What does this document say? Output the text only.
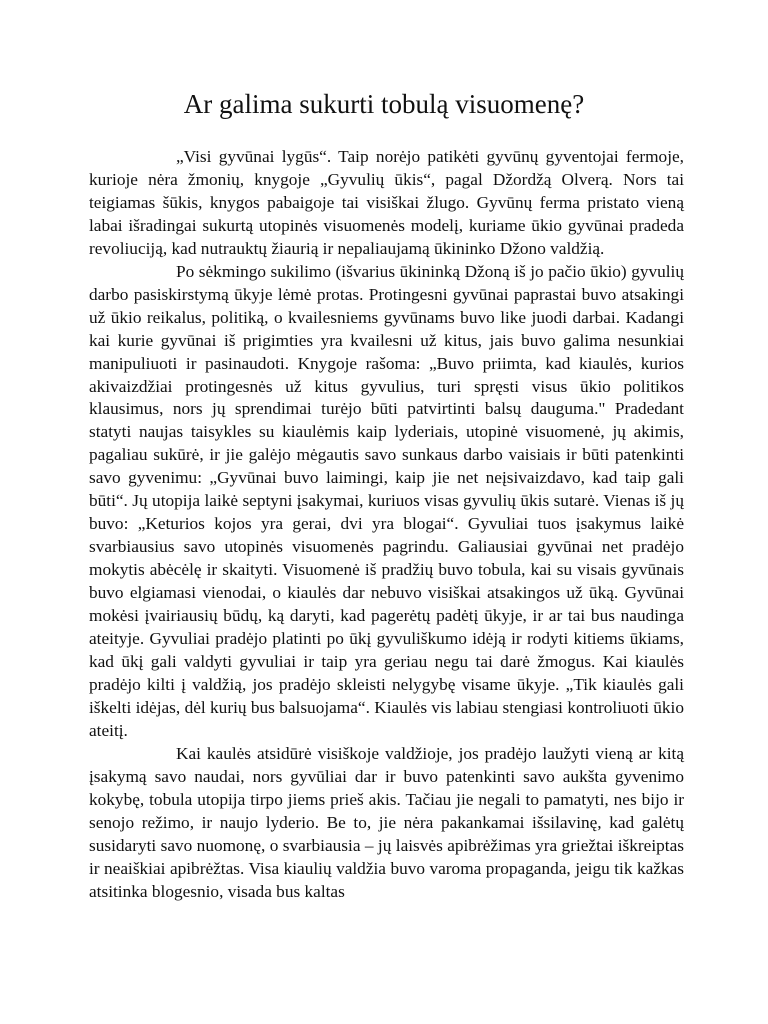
Ar galima sukurti tobulą visuomenę?

„Visi gyvūnai lygūs“. Taip norėjo patikėti gyvūnų gyventojai fermoje, kurioje nėra žmonių, knygoje „Gyvulių ūkis“, pagal Džordžą Olverą. Nors tai teigiamas šūkis, knygos pabaigoje tai visiškai žlugo. Gyvūnų ferma pristato vieną labai išradingai sukurtą utopinės visuomenės modelį, kuriame ūkio gyvūnai pradeda revoliuciją, kad nutrauktų žiaurią ir nepaliaujamą ūkininko Džono valdžią.

Po sėkmingo sukilimo (išvarius ūkininką Džoną iš jo pačio ūkio) gyvulių darbo pasiskirstymą ūkyje lėmė protas. Protingesni gyvūnai paprastai buvo atsakingi už ūkio reikalus, politiką, o kvailesniems gyvūnams buvo like juodi darbai. Kadangi kai kurie gyvūnai iš prigimties yra kvailesni už kitus, jais buvo galima nesunkiai manipuliuoti ir pasinaudoti. Knygoje rašoma: „Buvo priimta, kad kiaulės, kurios akivaizdžiai protingesnės už kitus gyvulius, turi spręsti visus ūkio politikos klausimus, nors jų sprendimai turėjo būti patvirtinti balsų dauguma." Pradedant statyti naujas taisykles su kiaulėmis kaip lyderiais, utopinė visuomenė, jų akimis, pagaliau sukūrė, ir jie galėjo mėgautis savo sunkaus darbo vaisiais ir būti patenkinti savo gyvenimu: „Gyvūnai buvo laimingi, kaip jie net neįsivaizdavo, kad taip gali būti“. Jų utopija laikė septyni įsakymai, kuriuos visas gyvulių ūkis sutarė. Vienas iš jų buvo: „Keturios kojos yra gerai, dvi yra blogai“. Gyvuliai tuos įsakymus laikė svarbiausius savo utopinės visuomenės pagrindu. Galiausiai gyvūnai net pradėjo mokytis abėcėlę ir skaityti. Visuomenė iš pradžių buvo tobula, kai su visais gyvūnais buvo elgiamasi vienodai, o kiaulės dar nebuvo visiškai atsakingos už ūką. Gyvūnai mokėsi įvairiausių būdų, ką daryti, kad pagerėtų padėtį ūkyje, ir ar tai bus naudinga ateityje. Gyvuliai pradėjo platinti po ūkį gyvuliškumo idėją ir rodyti kitiems ūkiams, kad ūkį gali valdyti gyvuliai ir taip yra geriau negu tai darė žmogus. Kai kiaulės pradėjo kilti į valdžią, jos pradėjo skleisti nelygybę visame ūkyje. „Tik kiaulės gali iškelti idėjas, dėl kurių bus balsuojama“. Kiaulės vis labiau stengiasi kontroliuoti ūkio ateitį.

Kai kaulės atsidūrė visiškoje valdžioje, jos pradėjo laužyti vieną ar kitą įsakymą savo naudai, nors gyvūliai dar ir buvo patenkinti savo aukšta gyvenimo kokybę, tobula utopija tirpo jiems prieš akis. Tačiau jie negali to pamatyti, nes bijo ir senojo režimo, ir naujo lyderio. Be to, jie nėra pakankamai išsilavinę, kad galėtų susidaryti savo nuomonę, o svarbiausia – jų laisvės apibrėžimas yra griežtai iškreiptas ir neaiškiai apibrėžtas. Visa kiaulių valdžia buvo varoma propaganda, jeigu tik kažkas atsitinka blogesnio, visada bus kaltas
